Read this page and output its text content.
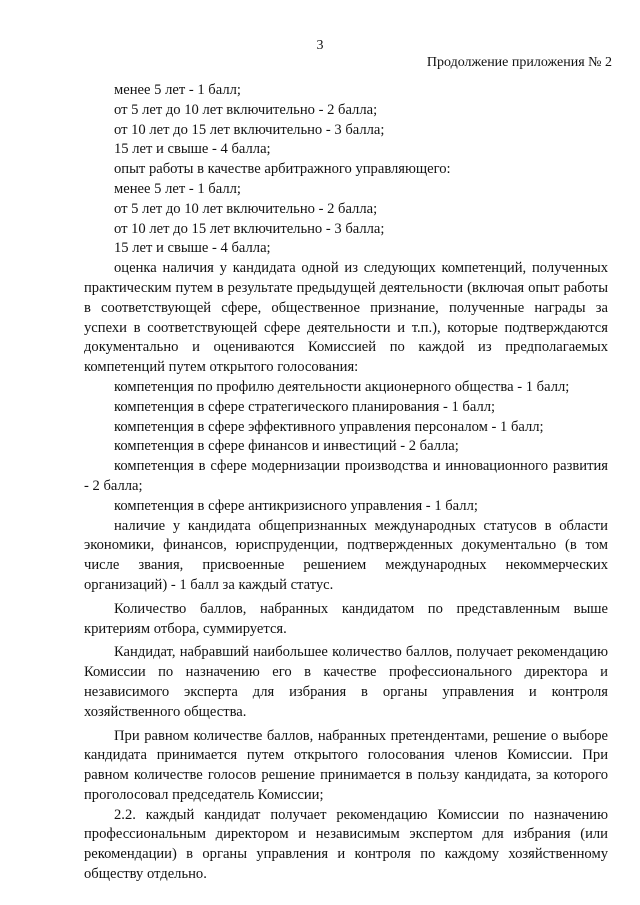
3
Продолжение приложения № 2
менее 5 лет - 1 балл;
от 5 лет до 10 лет включительно - 2 балла;
от 10 лет до 15 лет включительно - 3 балла;
15 лет и свыше - 4 балла;
опыт работы в качестве арбитражного управляющего:
менее 5 лет - 1 балл;
от 5 лет до 10 лет включительно - 2 балла;
от 10 лет до 15 лет включительно - 3 балла;
15 лет и свыше - 4 балла;
оценка наличия у кандидата одной из следующих компетенций, полученных практическим путем в результате предыдущей деятельности (включая опыт работы в соответствующей сфере, общественное признание, полученные награды за успехи в соответствующей сфере деятельности и т.п.), которые подтверждаются документально и оцениваются Комиссией по каждой из предполагаемых компетенций путем открытого голосования:
компетенция по профилю деятельности акционерного общества - 1 балл;
компетенция в сфере стратегического планирования - 1 балл;
компетенция в сфере эффективного управления персоналом - 1 балл;
компетенция в сфере финансов и инвестиций - 2 балла;
компетенция в сфере модернизации производства и инновационного развития - 2 балла;
компетенция в сфере антикризисного управления - 1 балл;
наличие у кандидата общепризнанных международных статусов в области экономики, финансов, юриспруденции, подтвержденных документально (в том числе звания, присвоенные решением международных некоммерческих организаций) - 1 балл за каждый статус.
Количество баллов, набранных кандидатом по представленным выше критериям отбора, суммируется.
Кандидат, набравший наибольшее количество баллов, получает рекомендацию Комиссии по назначению его в качестве профессионального директора и независимого эксперта для избрания в органы управления и контроля хозяйственного общества.
При равном количестве баллов, набранных претендентами, решение о выборе кандидата принимается путем открытого голосования членов Комиссии. При равном количестве голосов решение принимается в пользу кандидата, за которого проголосовал председатель Комиссии;
2.2. каждый кандидат получает рекомендацию Комиссии по назначению профессиональным директором и независимым экспертом для избрания (или рекомендации) в органы управления и контроля по каждому хозяйственному обществу отдельно.
